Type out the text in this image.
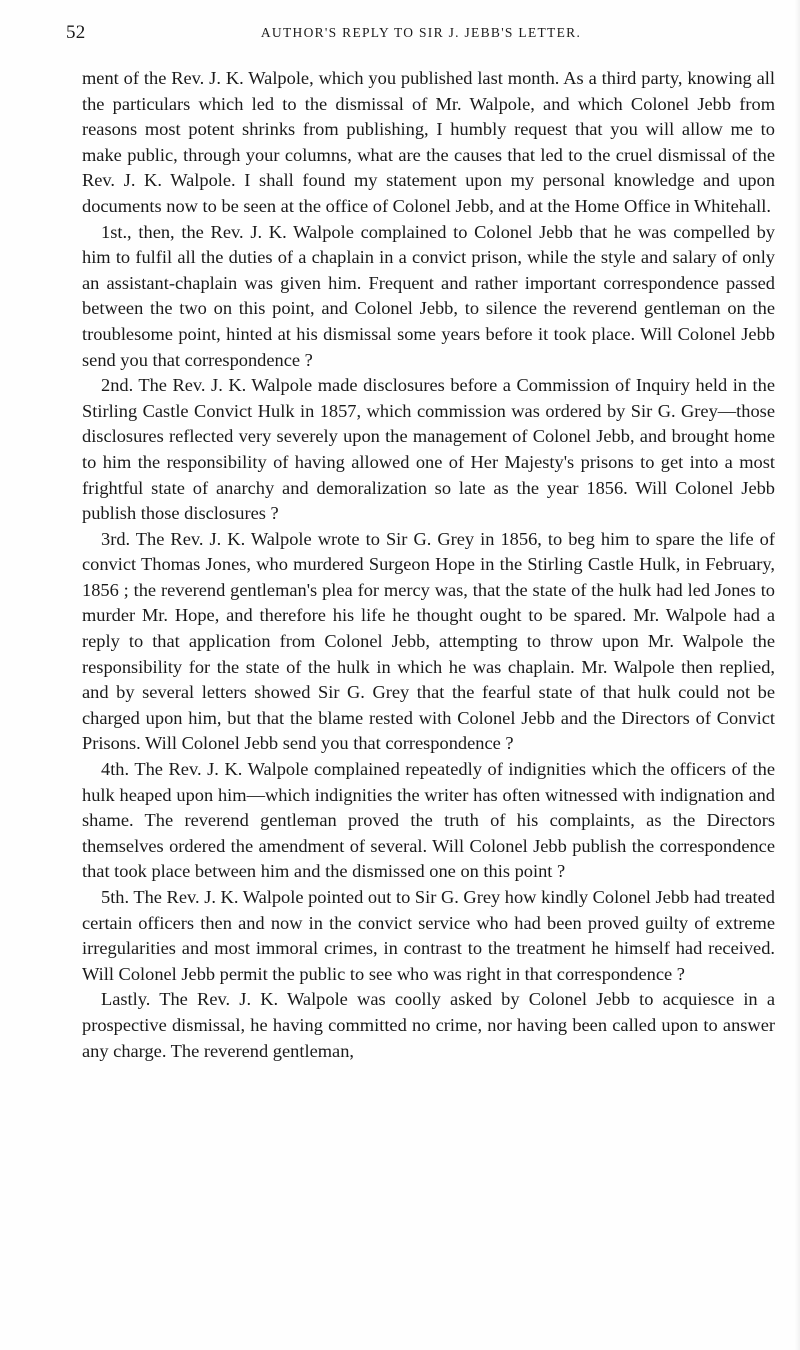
52	AUTHOR'S REPLY TO SIR J. JEBB'S LETTER.

ment of the Rev. J. K. Walpole, which you published last month. As a third party, knowing all the particulars which led to the dismissal of Mr. Walpole, and which Colonel Jebb from reasons most potent shrinks from publishing, I humbly request that you will allow me to make public, through your columns, what are the causes that led to the cruel dismissal of the Rev. J. K. Walpole. I shall found my statement upon my personal knowledge and upon documents now to be seen at the office of Colonel Jebb, and at the Home Office in Whitehall.

1st., then, the Rev. J. K. Walpole complained to Colonel Jebb that he was compelled by him to fulfil all the duties of a chaplain in a convict prison, while the style and salary of only an assistant-chaplain was given him. Frequent and rather important correspondence passed between the two on this point, and Colonel Jebb, to silence the reverend gentleman on the troublesome point, hinted at his dismissal some years before it took place. Will Colonel Jebb send you that correspondence ?

2nd. The Rev. J. K. Walpole made disclosures before a Commission of Inquiry held in the Stirling Castle Convict Hulk in 1857, which commission was ordered by Sir G. Grey—those disclosures reflected very severely upon the management of Colonel Jebb, and brought home to him the responsibility of having allowed one of Her Majesty's prisons to get into a most frightful state of anarchy and demoralization so late as the year 1856. Will Colonel Jebb publish those disclosures ?

3rd. The Rev. J. K. Walpole wrote to Sir G. Grey in 1856, to beg him to spare the life of convict Thomas Jones, who murdered Surgeon Hope in the Stirling Castle Hulk, in February, 1856 ; the reverend gentleman's plea for mercy was, that the state of the hulk had led Jones to murder Mr. Hope, and therefore his life he thought ought to be spared. Mr. Walpole had a reply to that application from Colonel Jebb, attempting to throw upon Mr. Walpole the responsibility for the state of the hulk in which he was chaplain. Mr. Walpole then replied, and by several letters showed Sir G. Grey that the fearful state of that hulk could not be charged upon him, but that the blame rested with Colonel Jebb and the Directors of Convict Prisons. Will Colonel Jebb send you that correspondence ?

4th. The Rev. J. K. Walpole complained repeatedly of indignities which the officers of the hulk heaped upon him—which indignities the writer has often witnessed with indignation and shame. The reverend gentleman proved the truth of his complaints, as the Directors themselves ordered the amendment of several. Will Colonel Jebb publish the correspondence that took place between him and the dismissed one on this point ?

5th. The Rev. J. K. Walpole pointed out to Sir G. Grey how kindly Colonel Jebb had treated certain officers then and now in the convict service who had been proved guilty of extreme irregularities and most immoral crimes, in contrast to the treatment he himself had received. Will Colonel Jebb permit the public to see who was right in that correspondence ?

Lastly. The Rev. J. K. Walpole was coolly asked by Colonel Jebb to acquiesce in a prospective dismissal, he having committed no crime, nor having been called upon to answer any charge. The reverend gentleman,
